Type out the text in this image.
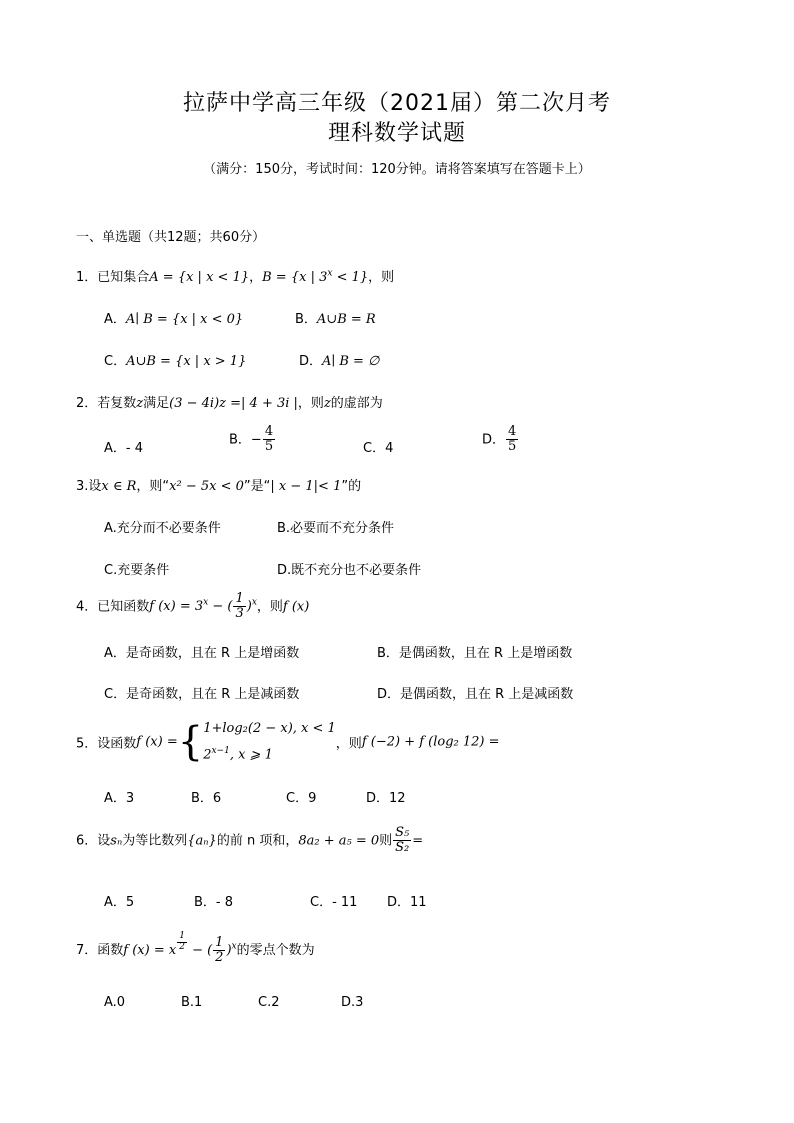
拉萨中学高三年级（2021届）第二次月考
理科数学试题
（满分：150分，考试时间：120分钟。请将答案填写在答题卡上）
一、单选题（共12题；共60分）
1．已知集合A = {x | x < 1}，B = {x | $3^x < 1$}，则
A．A∣ B = {x | x < 0}	B．A∪B = R
C．A∪B = {x | x > 1}	D．A∣ B = ∅
2．若复数z满足(3 − 4i)z =| 4 + 3i |，则z的虚部为
A．- 4
B．− $\frac{4}{5}$	C．4
D． $\frac{4}{5}$
3.设x ∈ R，则“x² − 5x < 0”是“| x − 1|< 1”的
A.充分而不必要条件	B.必要而不充分条件
C.充要条件	D.既不充分也不必要条件
4．已知函数f $(x) = 3^x$ − ( $\frac{1}{3} )^x$，则f (x)
A．是奇函数，且在 R 上是增函数	B．是偶函数，且在 R 上是增函数
C．是奇函数，且在 R 上是减函数	D．是偶函数，且在 R 上是减函数
5．设函数f (x) ={ 1+log₂(2 − x), x < 1
$2^{x-1}$, x ⩾ 1
，则f (−2) + f (log₂ 12) =
A．3	B．6	C．9	D．12
6．设sₙ为等比数列{aₙ}的前 n 项和，8a₂ + a₅ = 0则 $\frac{\text{S₅}}{\text{S₂}}$ =
A．5	B．- 8	C．- 11 D．11
7．函数f (x) = x $^{\frac{1}{2}}$ − ( $\frac{1}{2} )^x$的零点个数为
A.0	B.1	C.2	D.3
